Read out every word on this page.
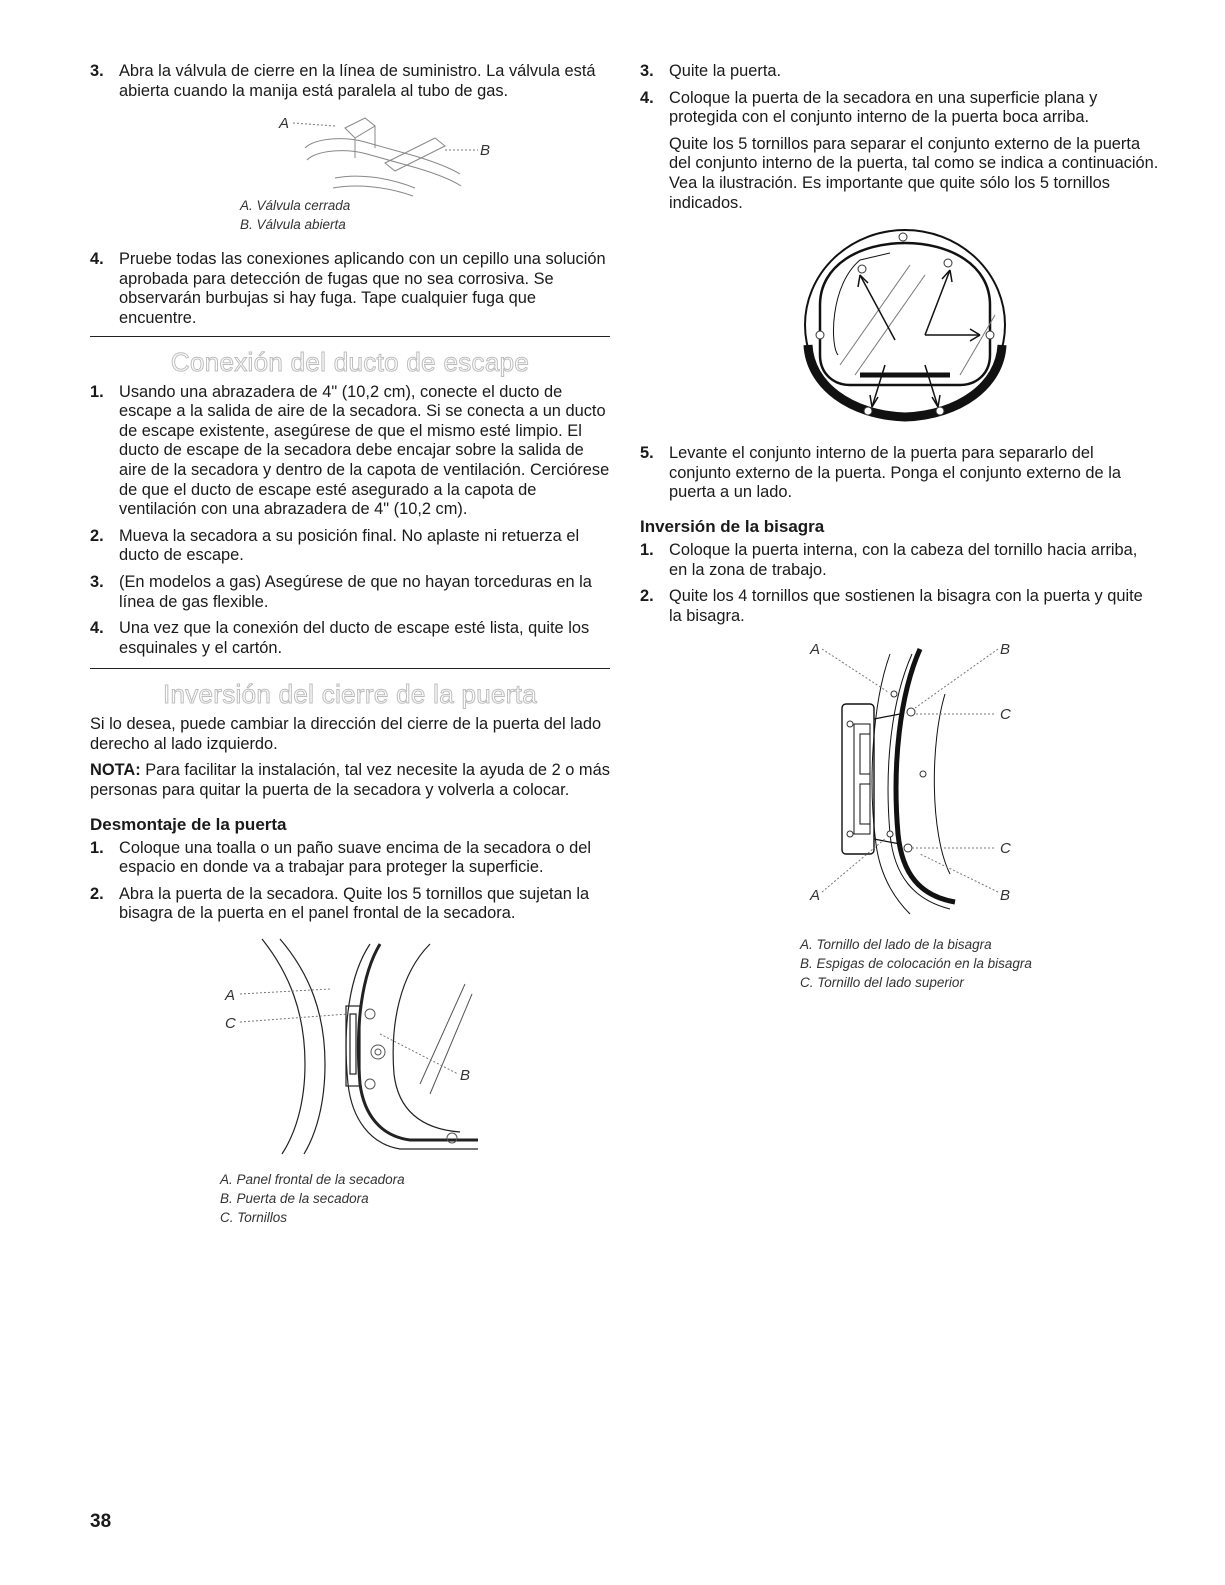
3. Abra la válvula de cierre en la línea de suministro. La válvula está abierta cuando la manija está paralela al tubo de gas.

A
B
A. Válvula cerrada
B. Válvula abierta
4. Pruebe todas las conexiones aplicando con un cepillo una solución aprobada para detección de fugas que no sea corrosiva. Se observarán burbujas si hay fuga. Tape cualquier fuga que encuentre.

Conexión del ducto de escape
1. Usando una abrazadera de 4" (10,2 cm), conecte el ducto de escape a la salida de aire de la secadora. Si se conecta a un ducto de escape existente, asegúrese de que el mismo esté limpio. El ducto de escape de la secadora debe encajar sobre la salida de aire de la secadora y dentro de la capota de ventilación. Cerciórese de que el ducto de escape esté asegurado a la capota de ventilación con una abrazadera de 4" (10,2 cm).

2. Mueva la secadora a su posición final. No aplaste ni retuerza el ducto de escape.

3. (En modelos a gas) Asegúrese de que no hayan torceduras en la línea de gas flexible.

4. Una vez que la conexión del ducto de escape esté lista, quite los esquinales y el cartón.

Inversión del cierre de la puerta

Si lo desea, puede cambiar la dirección del cierre de la puerta del lado derecho al lado izquierdo.

NOTA: Para facilitar la instalación, tal vez necesite la ayuda de 2 o más personas para quitar la puerta de la secadora y volverla a colocar.

Desmontaje de la puerta
1. Coloque una toalla o un paño suave encima de la secadora o del espacio en donde va a trabajar para proteger la superficie.

2. Abra la puerta de la secadora. Quite los 5 tornillos que sujetan la bisagra de la puerta en el panel frontal de la secadora.

A
C
B
A. Panel frontal de la secadora
B. Puerta de la secadora
C. Tornillos
3. Quite la puerta.

4. Coloque la puerta de la secadora en una superficie plana y protegida con el conjunto interno de la puerta boca arriba.

Quite los 5 tornillos para separar el conjunto externo de la puerta del conjunto interno de la puerta, tal como se indica a continuación. Vea la ilustración. Es importante que quite sólo los 5 tornillos indicados.

5. Levante el conjunto interno de la puerta para separarlo del conjunto externo de la puerta. Ponga el conjunto externo de la puerta a un lado.

Inversión de la bisagra
1. Coloque la puerta interna, con la cabeza del tornillo hacia arriba, en la zona de trabajo.

2. Quite los 4 tornillos que sostienen la bisagra con la puerta y quite la bisagra.

A	B
C
C
A	B
A. Tornillo del lado de la bisagra
B. Espigas de colocación en la bisagra
C. Tornillo del lado superior
38
